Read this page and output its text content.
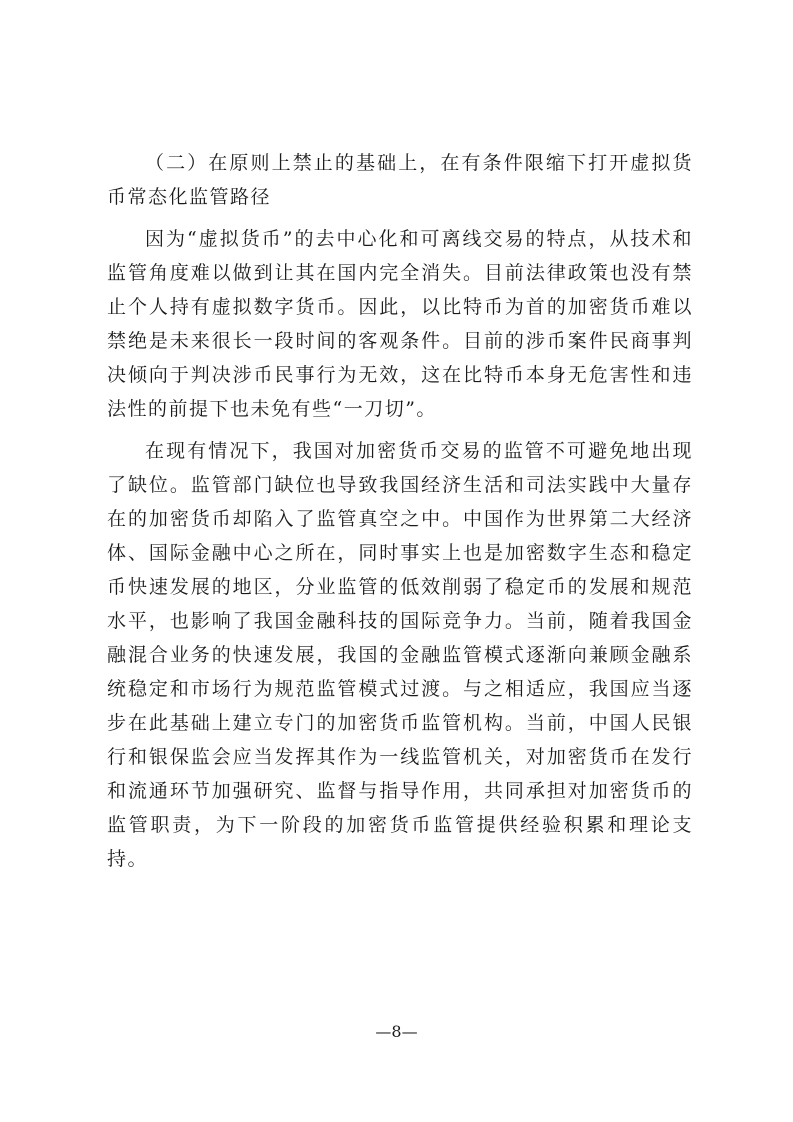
（二）在原则上禁止的基础上，在有条件限缩下打开虚拟货币常态化监管路径

因为“虚拟货币”的去中心化和可离线交易的特点，从技术和监管角度难以做到让其在国内完全消失。目前法律政策也没有禁止个人持有虚拟数字货币。因此，以比特币为首的加密货币难以禁绝是未来很长一段时间的客观条件。目前的涉币案件民商事判决倾向于判决涉币民事行为无效，这在比特币本身无危害性和违法性的前提下也未免有些“一刀切”。

在现有情况下，我国对加密货币交易的监管不可避免地出现了缺位。监管部门缺位也导致我国经济生活和司法实践中大量存在的加密货币却陷入了监管真空之中。中国作为世界第二大经济体、国际金融中心之所在，同时事实上也是加密数字生态和稳定币快速发展的地区，分业监管的低效削弱了稳定币的发展和规范水平，也影响了我国金融科技的国际竞争力。当前，随着我国金融混合业务的快速发展，我国的金融监管模式逐渐向兼顾金融系统稳定和市场行为规范监管模式过渡。与之相适应，我国应当逐步在此基础上建立专门的加密货币监管机构。当前，中国人民银行和银保监会应当发挥其作为一线监管机关，对加密货币在发行和流通环节加强研究、监督与指导作用，共同承担对加密货币的监管职责，为下一阶段的加密货币监管提供经验积累和理论支持。

—8—
